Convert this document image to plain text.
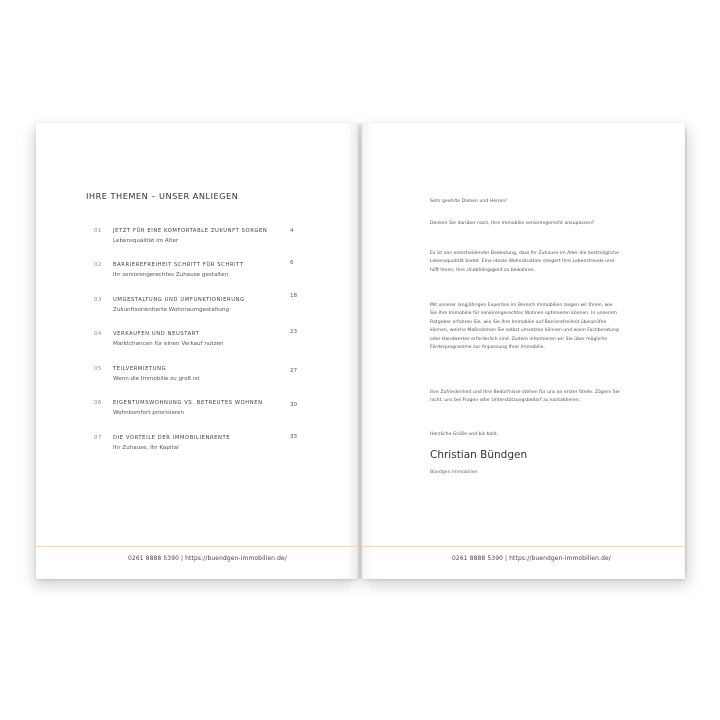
IHRE THEMEN – UNSER ANLIEGEN
01 JETZT FÜR EINE KOMFORTABLE ZUKUNFT SORGEN
Lebensqualität im Alter
4
02 BARRIEREFREIHEIT SCHRITT FÜR SCHRITT
Ihr seniorengerechtes Zuhause gestalten
6
03 UMGESTALTUNG UND UMFUNKTIONIERUNG
Zukunftsorientierte Wohnraumgestaltung
18
04 VERKAUFEN UND NEUSTART
Marktchancen für einen Verkauf nutzen
23
05 TEILVERMIETUNG
Wenn die Immobilie zu groß ist
27
06 EIGENTUMSWOHNUNG VS. BETREUTES WOHNEN
Wohnkomfort priorisieren
30
07 DIE VORTEILE DER IMMOBILIENRENTE
Ihr Zuhause, Ihr Kapital
33
0261 8888 5390 | https://buendgen-immobilien.de/	0261 8888 5390 | https://buendgen-immobilien.de/

Sehr geehrte Damen und Herren!

Denken Sie darüber nach, Ihre Immobilie seniorengerecht anzupassen?

Es ist von entscheidender Bedeutung, dass Ihr Zuhause im Alter die bestmögliche Lebensqualität bietet. Eine ideale Wohnsituation steigert Ihre Lebensfreude und hilft Ihnen, Ihre Unabhängigkeit zu bewahren.

Mit unserer langjährigen Expertise im Bereich Immobilien zeigen wir Ihnen, wie Sie Ihre Immobilie für seniorengerechtes Wohnen optimieren können. In unserem Ratgeber erfahren Sie, wie Sie Ihre Immobilie auf Barrierefreiheit überprüfen können, welche Maßnahmen Sie selbst umsetzen können und wann Fachberatung oder Handwerker erforderlich sind. Zudem informieren wir Sie über mögliche Förderprogramme zur Anpassung Ihrer Immobilie.

Ihre Zufriedenheit und Ihre Bedürfnisse stehen für uns an erster Stelle. Zögern Sie nicht, uns bei Fragen oder Unterstützungsbedarf zu kontaktieren.

Herzliche Grüße und bis bald,

Christian Bündgen
Bündgen Immobilien
